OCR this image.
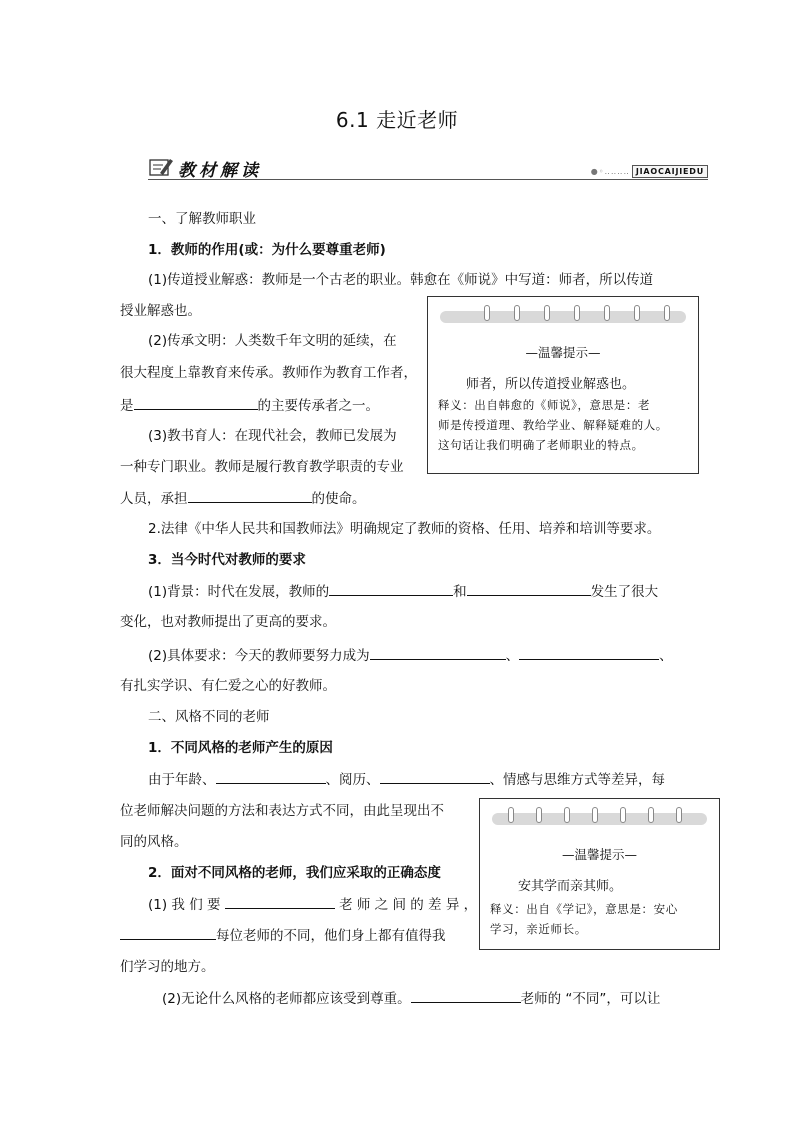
6.1 走近老师
教材解读	●◦‥‥‥‥ JIAOCAIJIEDU
一、了解教师职业
1．教师的作用(或：为什么要尊重老师)
(1)传道授业解惑：教师是一个古老的职业。韩愈在《师说》中写道：师者，所以传道
授业解惑也。
(2)传承文明：人类数千年文明的延续，在
很大程度上靠教育来传承。教师作为教育工作者，
是	的主要传承者之一。
(3)教书育人：在现代社会，教师已发展为
一种专门职业。教师是履行教育教学职责的专业
人员，承担	的使命。
2.法律《中华人民共和国教师法》明确规定了教师的资格、任用、培养和培训等要求。
3．当今时代对教师的要求
(1)背景：时代在发展，教师的	和	发生了很大
变化，也对教师提出了更高的要求。
(2)具体要求：今天的教师要努力成为	、	、
有扎实学识、有仁爱之心的好教师。
二、风格不同的老师
1．不同风格的老师产生的原因
由于年龄、	、阅历、	、情感与思维方式等差异，每
位老师解决问题的方法和表达方式不同，由此呈现出不
同的风格。
2．面对不同风格的老师，我们应采取的正确态度
(1) 我 们 要	老 师 之 间 的 差 异 ，
每位老师的不同，他们身上都有值得我
们学习的地方。
(2)无论什么风格的老师都应该受到尊重。	老师的 “不同”，可以让
—温馨提示—
师者，所以传道授业解惑也。
释义：出自韩愈的《师说》，意思是：老
师是传授道理、教给学业、解释疑难的人。
这句话让我们明确了老师职业的特点。
—温馨提示—
安其学而亲其师。
释义：出自《学记》，意思是：安心
学习，亲近师长。
